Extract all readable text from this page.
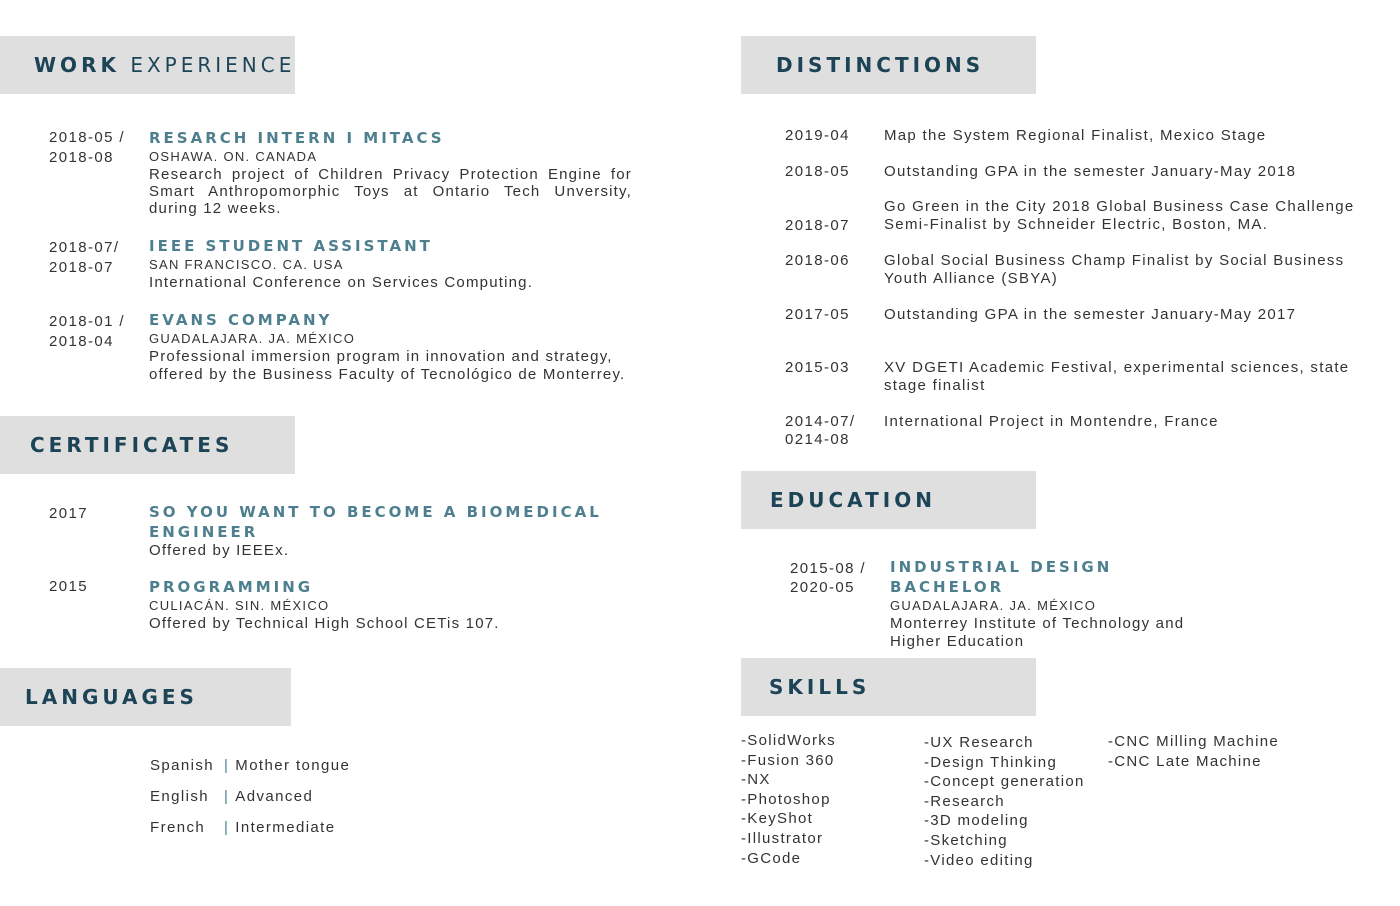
WORK EXPERIENCE
2018-05 /
2018-08
RESARCH INTERN I MITACS
OSHAWA. ON. CANADA
Research project of Children Privacy Protection Engine for Smart Anthropomorphic Toys at Ontario Tech Unversity, during 12 weeks.
2018-07/
2018-07
IEEE STUDENT ASSISTANT
SAN FRANCISCO. CA. USA
International Conference on Services Computing.
2018-01 /
2018-04
EVANS COMPANY
GUADALAJARA. JA. MÉXICO
Professional immersion program in innovation and strategy, offered by the Business Faculty of Tecnológico de Monterrey.
CERTIFICATES
2017	SO YOU WANT TO BECOME A BIOMEDICAL ENGINEER
Offered by IEEEx.
2015	PROGRAMMING
CULIACÁN. SIN. MÉXICO
Offered by Technical High School CETis 107.
LANGUAGES
Spanish | Mother tongue
English | Advanced
French | Intermediate
DISTINCTIONS
2019-04 Map the System Regional Finalist, Mexico Stage
2018-05 Outstanding GPA in the semester January-May 2018
2018-07
Go Green in the City 2018 Global Business Case Challenge Semi-Finalist by Schneider Electric, Boston, MA.
2018-06 Global Social Business Champ Finalist by Social Business Youth Alliance (SBYA)
2017-05 Outstanding GPA in the semester January-May 2017
2015-03 XV DGETI Academic Festival, experimental sciences, state stage finalist
2014-07/
0214-08
International Project in Montendre, France
EDUCATION
2015-08 /
2020-05
INDUSTRIAL DESIGN BACHELOR
GUADALAJARA. JA. MÉXICO
Monterrey Institute of Technology and Higher Education
SKILLS
-SolidWorks
-Fusion 360
-NX
-Photoshop
-KeyShot
-Illustrator
-GCode
-UX Research
-Design Thinking
-Concept generation
-Research
-3D modeling
-Sketching
-Video editing
-CNC Milling Machine
-CNC Late Machine
